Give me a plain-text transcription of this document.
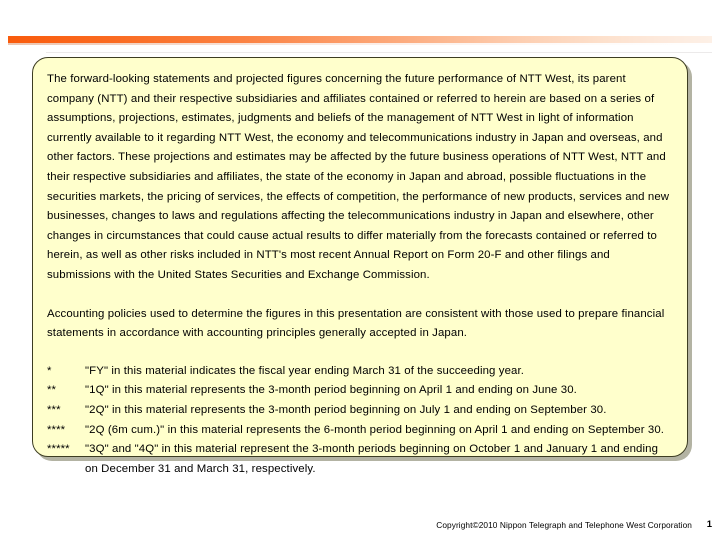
The forward-looking statements and projected figures concerning the future performance of NTT West, its parent company (NTT) and their respective subsidiaries and affiliates contained or referred to herein are based on a series of assumptions, projections, estimates, judgments and beliefs of the management of NTT West in light of information currently available to it regarding NTT West, the economy and telecommunications industry in Japan and overseas, and other factors. These projections and estimates may be affected by the future business operations of NTT West, NTT and their respective subsidiaries and affiliates, the state of the economy in Japan and abroad, possible fluctuations in the securities markets, the pricing of services, the effects of competition, the performance of new products, services and new businesses, changes to laws and regulations affecting the telecommunications industry in Japan and elsewhere, other changes in circumstances that could cause actual results to differ materially from the forecasts contained or referred to herein, as well as other risks included in NTT's most recent Annual Report on Form 20-F and other filings and submissions with the United States Securities and Exchange Commission.

Accounting policies used to determine the figures in this presentation are consistent with those used to prepare financial statements in accordance with accounting principles generally accepted in Japan.

*	"FY" in this material indicates the fiscal year ending March 31 of the succeeding year.
**	"1Q" in this material represents the 3-month period beginning on April 1 and ending on June 30.
***	"2Q" in this material represents the 3-month period beginning on July 1 and ending on September 30.
****	"2Q (6m cum.)" in this material represents the 6-month period beginning on April 1 and ending on September 30.
*****	"3Q" and "4Q" in this material represent the 3-month periods beginning on October 1 and January 1 and ending on December 31 and March 31, respectively.
Copyright©2010 Nippon Telegraph and Telephone West Corporation 1
